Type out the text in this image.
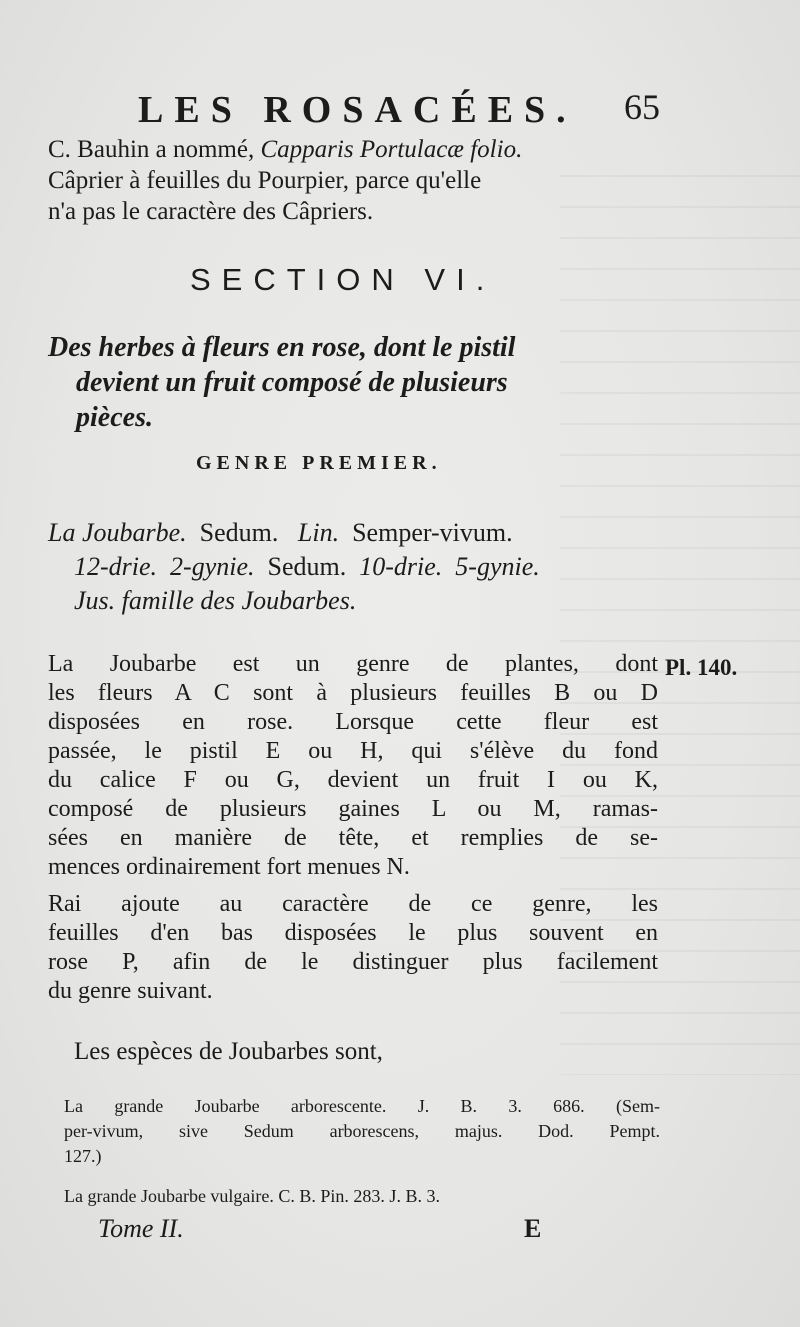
LES ROSACÉES. 65
C. Bauhin a nommé, Capparis Portulacæ folio.
Câprier à feuilles du Pourpier, parce qu'elle
n'a pas le caractère des Câpriers.
SECTION VI.
Des herbes à fleurs en rose, dont le pistil
devient un fruit composé de plusieurs
pièces.
GENRE PREMIER.
La Joubarbe. Sedum. Lin. Semper-vivum.
12-drie. 2-gynie. Sedum. 10-drie. 5-gynie.
Jus. famille des Joubarbes.
Pl. 140.
La Joubarbe est un genre de plantes, dont
les fleurs A C sont à plusieurs feuilles B ou D
disposées en rose. Lorsque cette fleur est
passée, le pistil E ou H, qui s'élève du fond
du calice F ou G, devient un fruit I ou K,
composé de plusieurs gaines L ou M, ramas-
sées en manière de tête, et remplies de se-
mences ordinairement fort menues N.
Rai ajoute au caractère de ce genre, les
feuilles d'en bas disposées le plus souvent en
rose P, afin de le distinguer plus facilement
du genre suivant.
Les espèces de Joubarbes sont,
La grande Joubarbe arborescente. J. B. 3. 686. (Sem-
per-vivum, sive Sedum arborescens, majus. Dod. Pempt.
127.)
La grande Joubarbe vulgaire. C. B. Pin. 283. J. B. 3.
Tome II.	E
